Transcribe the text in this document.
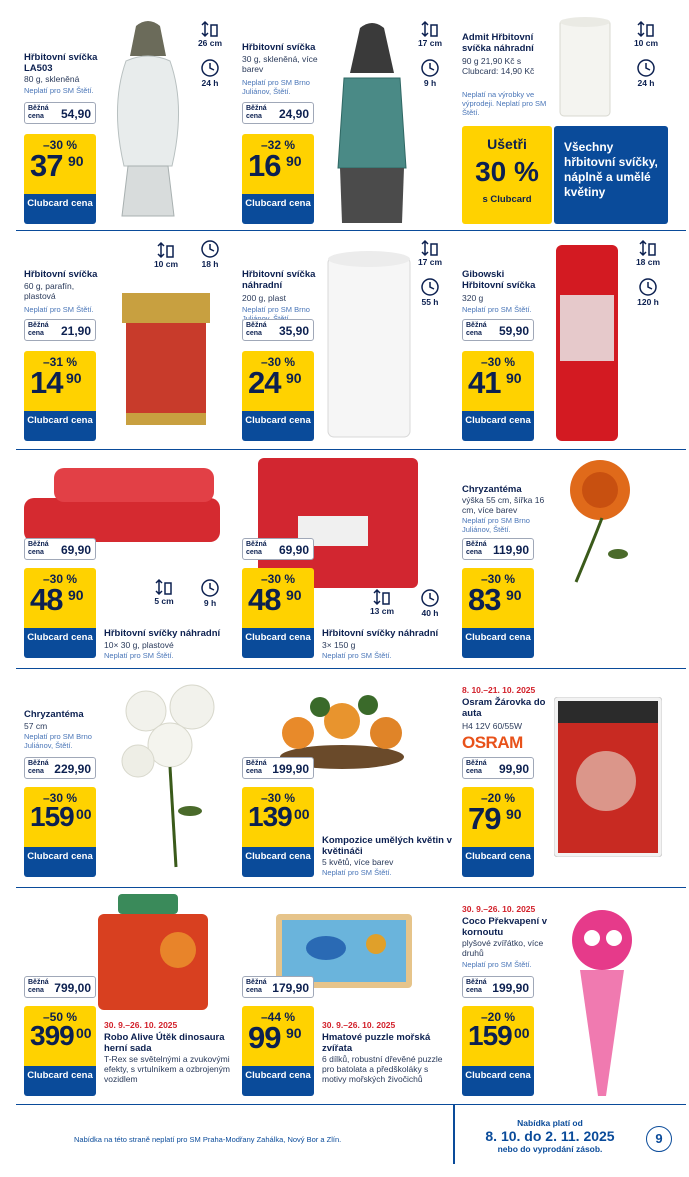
Hřbitovní svíčka LA503
80 g, skleněná
Neplatí pro SM Štětí.
Běžná cena	54,90
–30 %
37 90
Clubcard cena
26 cm
24 h
Hřbitovní svíčka
30 g, skleněná, více barev
Neplatí pro SM Brno Juliánov, Štětí.
Běžná cena	24,90
–32 %
16 90
Clubcard cena
17 cm
9 h
Admit Hřbitovní svíčka náhradní
90 g 21,90 Kč s Clubcard: 14,90 Kč
Neplatí na výrobky ve výprodeji. Neplatí pro SM Štětí.
10 cm
24 h
Ušetři
30 %
s Clubcard
Všechny hřbitovní svíčky, náplně a umělé květiny
Hřbitovní svíčka
60 g, parafín, plastová
Neplatí pro SM Štětí.
Běžná cena	21,90
–31 %
14 90
Clubcard cena
10 cm	18 h
Hřbitovní svíčka náhradní
200 g, plast
Neplatí pro SM Brno
Běžná cena	35,90
–30 %
24 90
Clubcard cena
17 cm
55 h
Gibowski Hřbitovní svíčka
320 g
Neplatí pro SM Štětí.
Běžná cena	59,90
–30 %
41 90
Clubcard cena
18 cm
120 h
Běžná cena	69,90
–30 %
48 90
Clubcard cena
5 cm	9 h
Hřbitovní svíčky náhradní
10× 30 g, plastové
Neplatí pro SM Štětí.
Běžná cena	69,90
–30 %
48 90
Clubcard cena
13 cm	40 h
Hřbitovní svíčky náhradní
3× 150 g
Neplatí pro SM Štětí.
Chryzantéma
výška 55 cm, šířka 16 cm, více barev
Neplatí pro SM Brno Juliánov, Štětí.
Běžná cena 119,90
–30 %
83 90
Clubcard cena
Chryzantéma
57 cm
Neplatí pro SM Brno Juliánov, Štětí.
Běžná cena 229,90
–30 %
159 00
Clubcard cena
Běžná cena 199,90
–30 %
139 00
Clubcard cena
Kompozice umělých květin v květináči
5 květů, více barev
Neplatí pro SM Štětí.
8. 10.–21. 10. 2025
Osram Žárovka do auta
H4 12V 60/55W
OSRAM
Běžná cena	99,90
–20 %
79 90
Clubcard cena
Běžná cena 799,00
–50 %
399 00
Clubcard cena
30. 9.–26. 10. 2025
Robo Alive Útěk dinosaura herní sada
T-Rex se světelnými a zvukovými efekty, s vrtulníkem a ozbrojeným vozidlem
Běžná cena 179,90
–44 %
99 90
Clubcard cena
30. 9.–26. 10. 2025
Hmatové puzzle mořská zvířata
6 dílků, robustní dřevěné puzzle pro batolata a předškoláky s motivy mořských živočichů
30. 9.–26. 10. 2025
Coco Překvapení v kornoutu
plyšové zvířátko, více druhů
Neplatí pro SM Štětí.
Běžná cena 199,90
–20 %
159 00
Clubcard cena
Nabídka na této straně neplatí pro SM Praha-Modřany Zahálka, Nový Bor a Zlín.
Nabídka platí od
8. 10. do 2. 11. 2025
nebo do vyprodání zásob.
9
